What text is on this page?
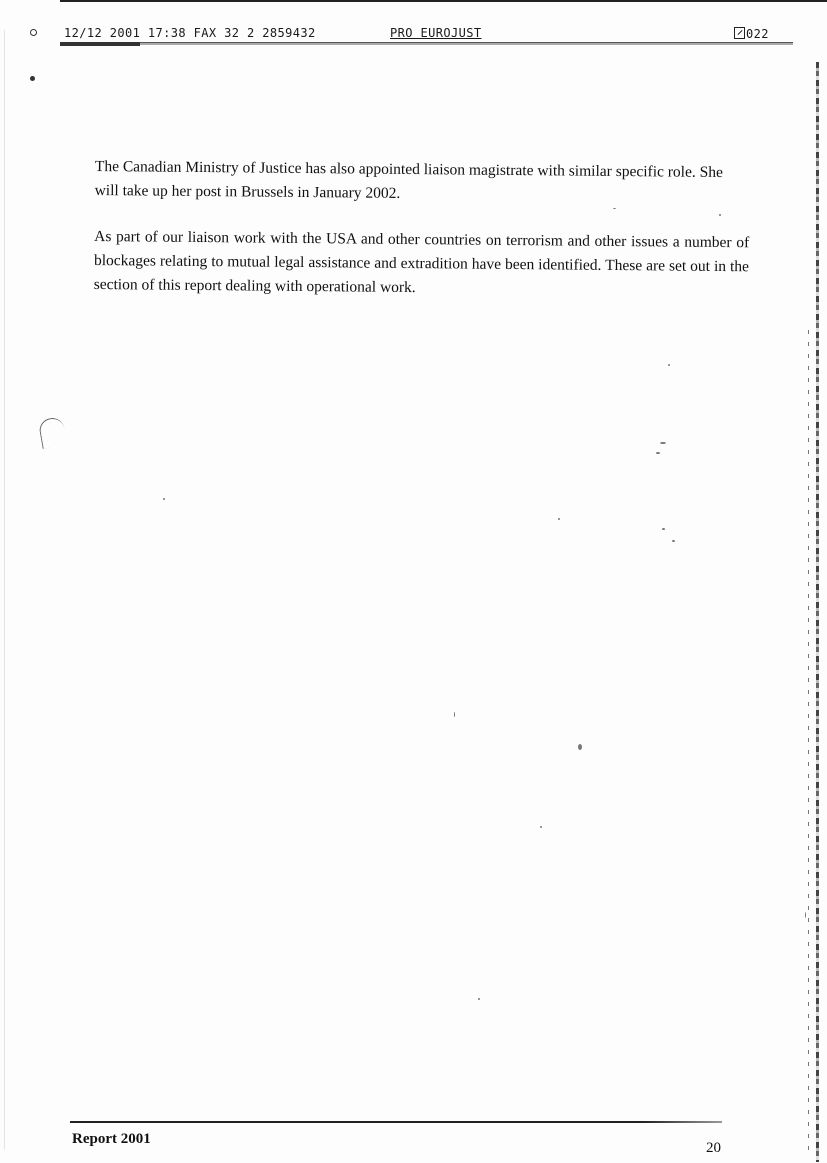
12/12 2001 17:38 FAX 32 2 2859432	PRO EUROJUST	022

The Canadian Ministry of Justice has also appointed liaison magistrate with similar specific role. She will take up her post in Brussels in January 2002.

As part of our liaison work with the USA and other countries on terrorism and other issues a number of blockages relating to mutual legal assistance and extradition have been identified. These are set out in the section of this report dealing with operational work.

Report 2001
20
